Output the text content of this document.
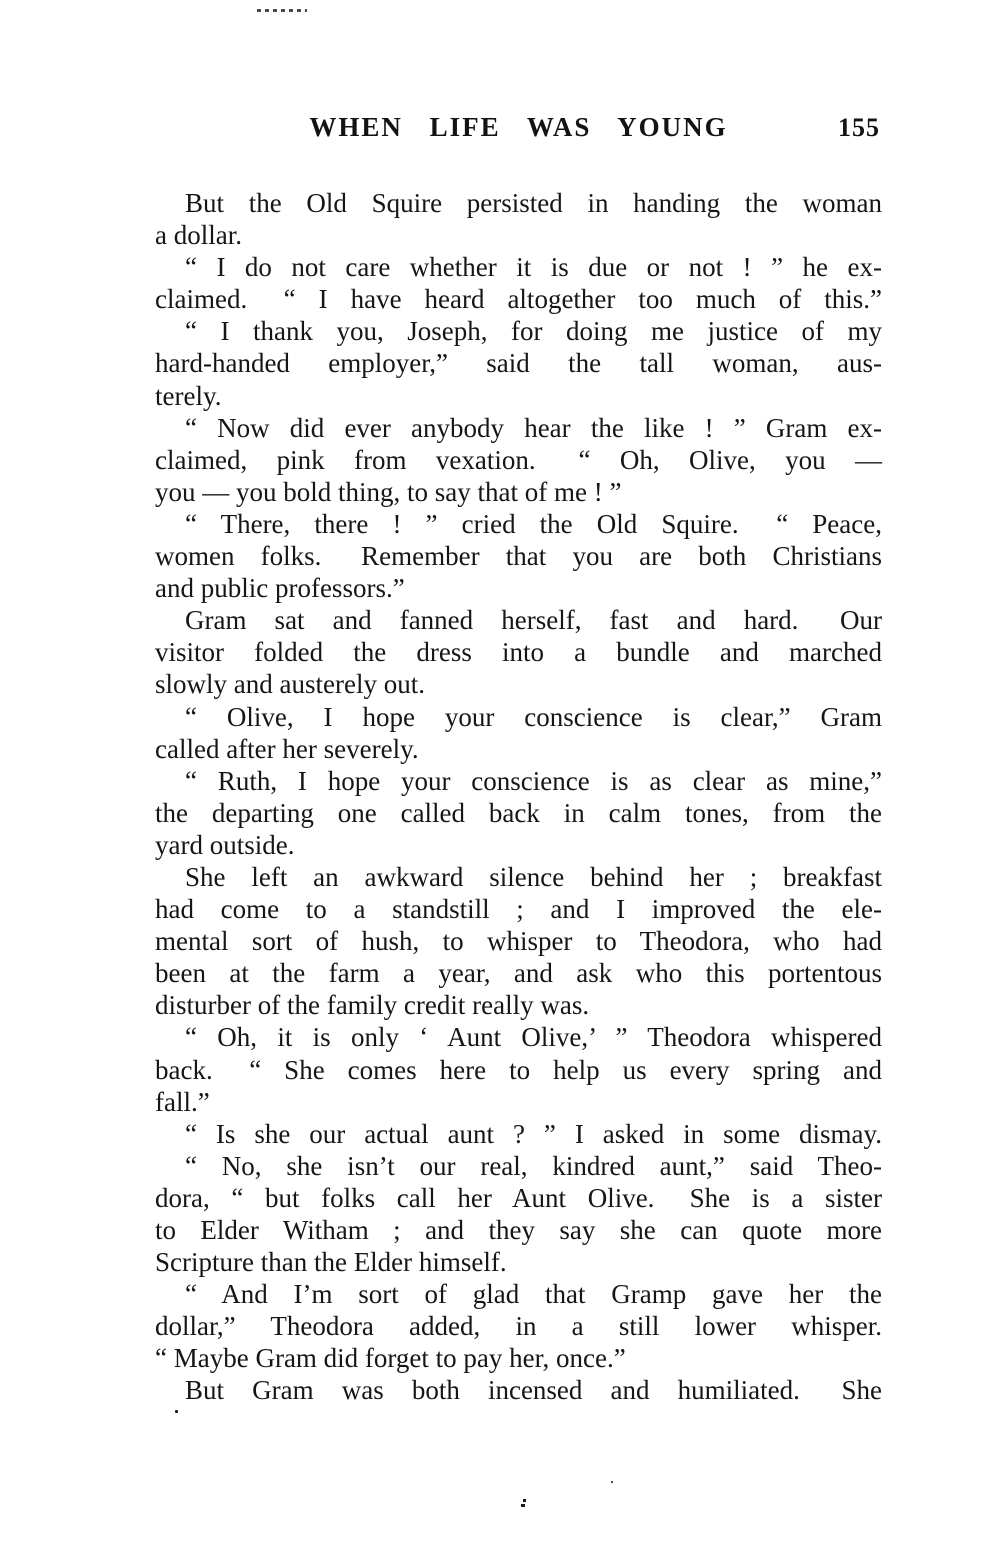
WHEN LIFE WAS YOUNG	155
But the Old Squire persisted in handing the woman
a dollar.
“ I do not care whether it is due or not ! ” he ex-
claimed.  “ I have heard altogether too much of this.”
“ I thank you, Joseph, for doing me justice of my
hard-handed employer,” said the tall woman, aus-
terely.
“ Now did ever anybody hear the like ! ” Gram ex-
claimed, pink from vexation.  “ Oh, Olive, you —
you — you bold thing, to say that of me ! ”
“ There, there ! ” cried the Old Squire.  “ Peace,
women folks.  Remember that you are both Christians
and public professors.”
Gram sat and fanned herself, fast and hard.  Our
visitor folded the dress into a bundle and marched
slowly and austerely out.
“ Olive, I hope your conscience is clear,” Gram
called after her severely.
“ Ruth, I hope your conscience is as clear as mine,”
the departing one called back in calm tones, from the
yard outside.
She left an awkward silence behind her ; breakfast
had come to a standstill ; and I improved the ele-
mental sort of hush, to whisper to Theodora, who had
been at the farm a year, and ask who this portentous
disturber of the family credit really was.
“ Oh, it is only ‘ Aunt Olive,’ ” Theodora whispered
back.  “ She comes here to help us every spring and
fall.”
“ Is she our actual aunt ? ” I asked in some dismay.
“ No, she isn’t our real, kindred aunt,” said Theo-
dora, “ but folks call her Aunt Olive.  She is a sister
to Elder Witham ; and they say she can quote more
Scripture than the Elder himself.
“ And I’m sort of glad that Gramp gave her the
dollar,” Theodora added, in a still lower whisper.
“ Maybe Gram did forget to pay her, once.”
But Gram was both incensed and humiliated.  She
